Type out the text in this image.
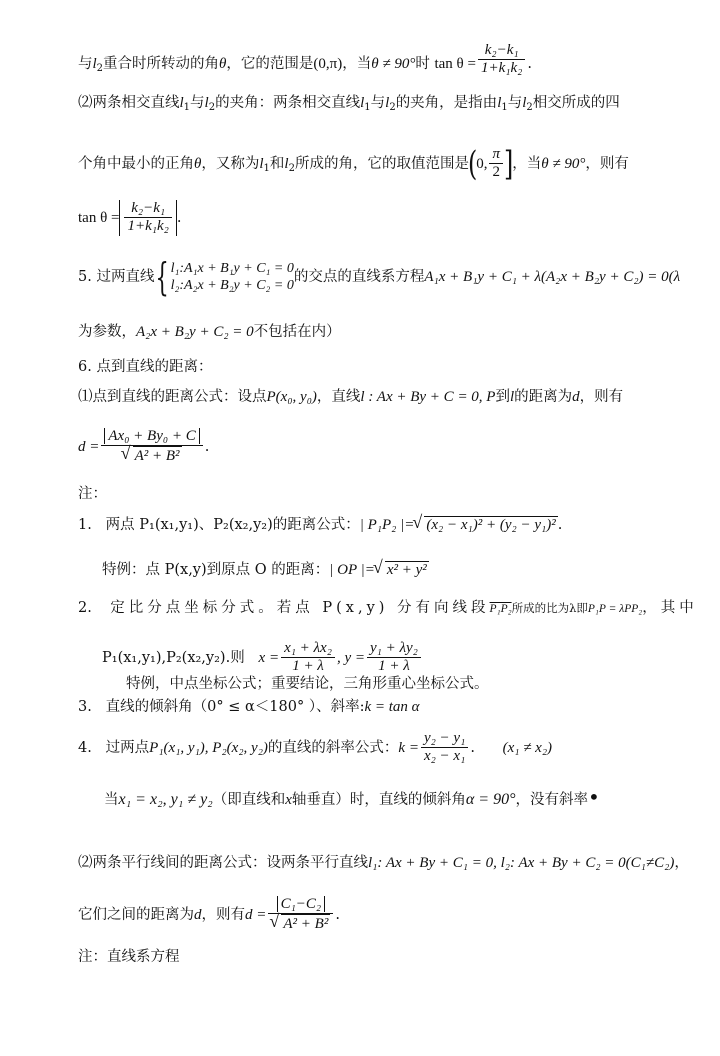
与$l_2$重合时所转动的角θ，它的范围是(0,π)，当θ ≠ 90°时 $\tan \theta = \frac{\text{k₂−k₁}}{\text{1+k₁k₂}}$ .
⑵两条相交直线$l_1$与$l_2$的夹角：两条相交直线$l_1$与$l_2$的夹角，是指由$l_1$与$l_2$相交所成的四
个角中最小的正角θ，又称为$l_1$和$l_2$所成的角，它的取值范围是(0, $\frac{\pi}{2}$ ]，当θ ≠ 90°，则有
$\tan \theta = \frac{\text{k₂−k₁}}{\text{1+k₁k₂}}$ .
5. 过两直线{ l₁:A₁x + B₁y + C₁ = 0
l₂:A₂x + B₂y + C₂ = 0
的交点的直线系方程A₁x + B₁y + C₁ + λ(A₂x + B₂y + C₂) = 0(λ
为参数，A₂x + B₂y + C₂ = 0不包括在内）
6. 点到直线的距离：
⑴点到直线的距离公式：设点P(x₀, y₀)，直线l : Ax + By + C = 0, P到l的距离为d，则有
d = Ax₀ + By₀ + C
√ A² + B² .
注：
1. 两点 P₁(x₁,y₁)、P₂(x₂,y₂)的距离公式：| P₁P₂ |= √ (x₂ − x₁)² + (y₂ − y₁)² .
特例：点 P(x,y)到原点 O 的距离：| OP |= √ x² + y²
2. 定比分点坐标分式。若点 P(x,y) 分有向线段P₁P₂所成的比为λ即P₁P = λPP₂，其中
P₁(x₁,y₁),P₂(x₂,y₂).则 $x = \frac{\text{x₁ + λx₂}}{1 + \lambda}$ , $y = \frac{\text{y₁ + λy₂}}{1 + \lambda}$
特例，中点坐标公式；重要结论，三角形重心坐标公式。
3. 直线的倾斜角（0° ≤ α＜180° ）、斜率:k = tan α
4. 过两点P₁(x₁, y₁), P₂(x₂, y₂)的直线的斜率公式：$k = \frac{\text{y₂ − y₁}}{\text{x₂ − x₁}}$ . (x₁ ≠ x₂)
当x₁ = x₂, y₁ ≠ y₂（即直线和x轴垂直）时，直线的倾斜角α = 90°，没有斜率•
⑵两条平行线间的距离公式：设两条平行直线l₁: Ax + By + C₁ = 0, l₂: Ax + By + C₂ = 0(C₁≠C₂)，
它们之间的距离为d，则有d = C₁−C₂
√ A² + B² .
注：直线系方程
